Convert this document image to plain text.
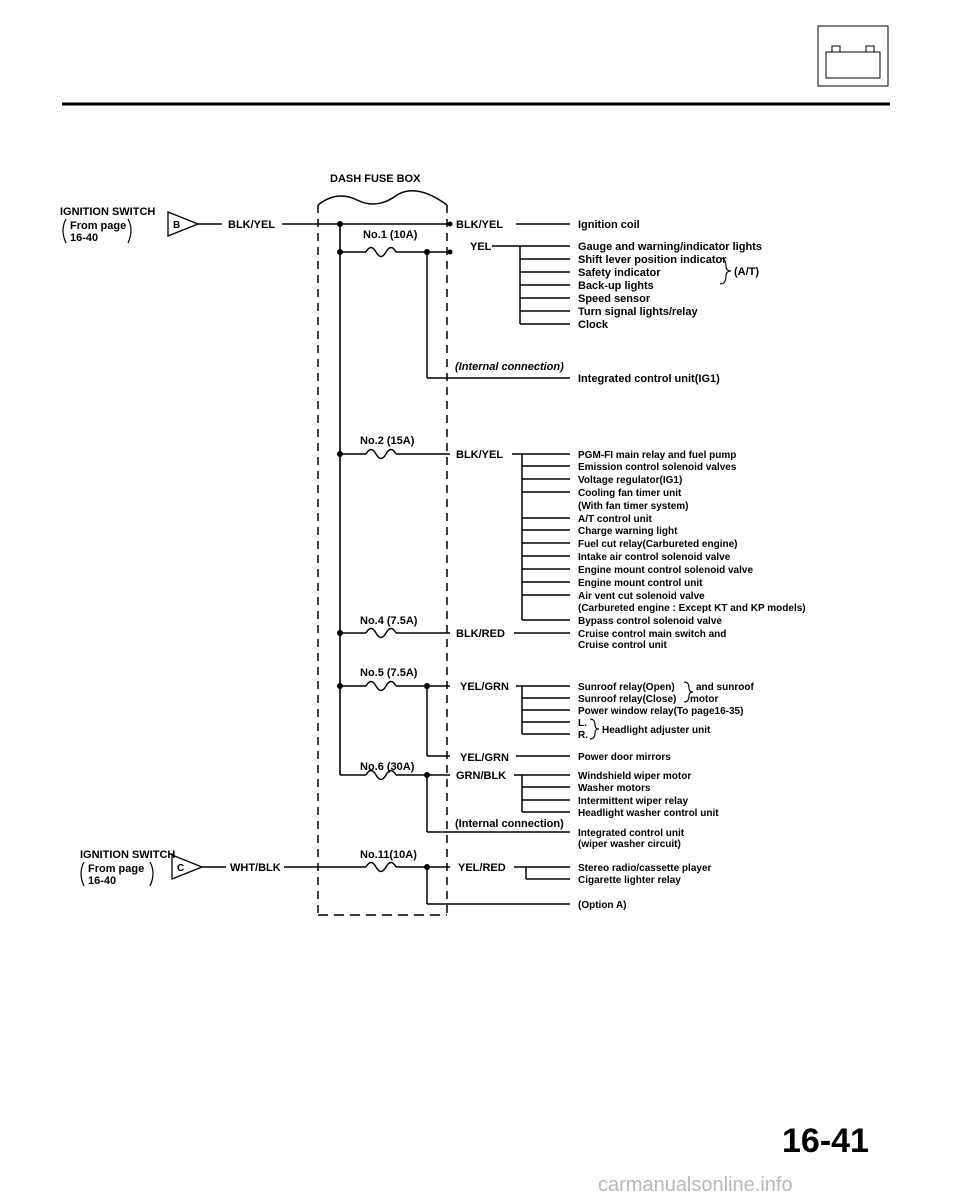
– +
DASH FUSE BOX
IGNITION SWITCH
From page
16-40
B	BLK/YEL
IGNITION SWITCH
From page
16-40
C	WHT/BLK
No.1 (10A)
BLK/YEL	Ignition coil
YEL	Gauge and warning/indicator lights
Shift lever position indicator
Safety indicator
Back-up lights
Speed sensor
Turn signal lights/relay
Clock
(A/T)
(Internal connection)
Integrated control unit(IG1)
No.2 (15A)
BLK/YEL	PGM-FI main relay and fuel pump
Emission control solenoid valves
Voltage regulator(IG1)
Cooling fan timer unit
(With fan timer system)
A/T control unit
Charge warning light
Fuel cut relay(Carbureted engine)
Intake air control solenoid valve
Engine mount control solenoid valve
Engine mount control unit
Air vent cut solenoid valve
(Carbureted engine : Except KT and KP models)
Bypass control solenoid valve
No.4 (7.5A)
BLK/RED	Cruise control main switch and
Cruise control unit
No.5 (7.5A)
YEL/GRN	Sunroof relay(Open)
Sunroof relay(Close)
and sunroof
motor
Power window relay(To page16-35)
L.
R. Headlight adjuster unit
YEL/GRN	Power door mirrors
No.6 (30A)
GRN/BLK	Windshield wiper motor
Washer motors
Intermittent wiper relay
Headlight washer control unit
(Internal connection)
Integrated control unit
(wiper washer circuit)
No.11(10A)
YEL/RED	Stereo radio/cassette player
Cigarette lighter relay
(Option A)
16-41
carmanualsonline.info
